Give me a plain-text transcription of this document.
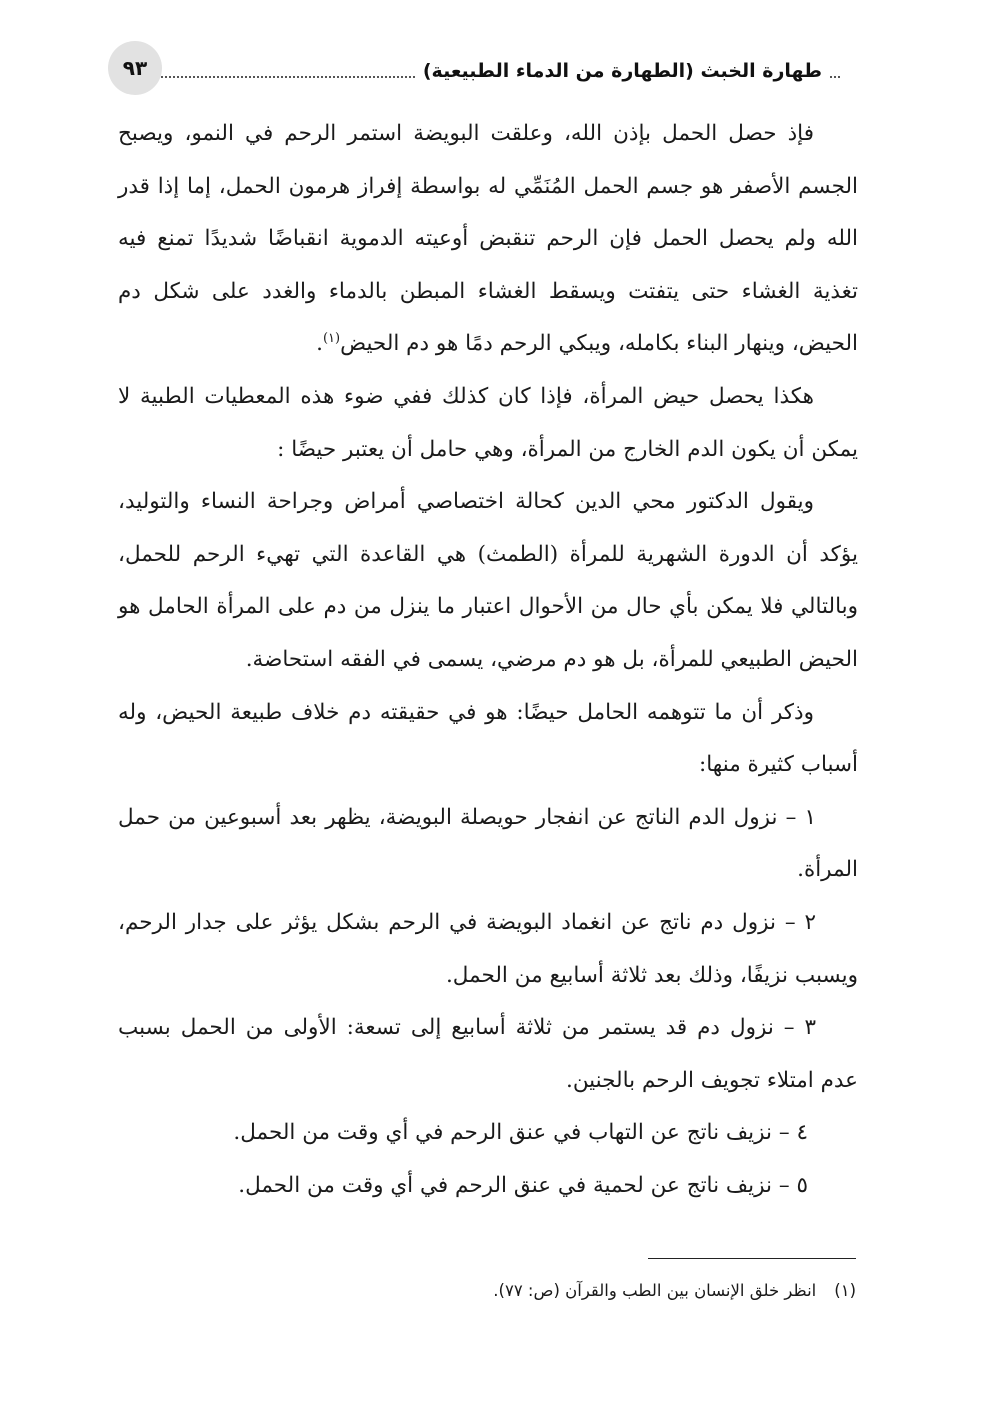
طهارة الخبث (الطهارة من الدماء الطبيعية)
٩٣

فإذ حصل الحمل بإذن الله، وعلقت البويضة استمر الرحم في النمو، ويصبح الجسم الأصفر هو جسم الحمل المُنَمِّي له بواسطة إفراز هرمون الحمل، إما إذا قدر الله ولم يحصل الحمل فإن الرحم تنقبض أوعيته الدموية انقباضًا شديدًا تمنع فيه تغذية الغشاء حتى يتفتت ويسقط الغشاء المبطن بالدماء والغدد على شكل دم الحيض، وينهار البناء بكامله، ويبكي الرحم دمًا هو دم الحيض$^{(١)}$.

هكذا يحصل حيض المرأة، فإذا كان كذلك ففي ضوء هذه المعطيات الطبية لا يمكن أن يكون الدم الخارج من المرأة، وهي حامل أن يعتبر حيضًا :

ويقول الدكتور محي الدين كحالة اختصاصي أمراض وجراحة النساء والتوليد، يؤكد أن الدورة الشهرية للمرأة (الطمث) هي القاعدة التي تهيء الرحم للحمل، وبالتالي فلا يمكن بأي حال من الأحوال اعتبار ما ينزل من دم على المرأة الحامل هو الحيض الطبيعي للمرأة، بل هو دم مرضي، يسمى في الفقه استحاضة.

وذكر أن ما تتوهمه الحامل حيضًا: هو في حقيقته دم خلاف طبيعة الحيض، وله أسباب كثيرة منها:

١ – نزول الدم الناتج عن انفجار حويصلة البويضة، يظهر بعد أسبوعين من حمل المرأة.

٢ – نزول دم ناتج عن انغماد البويضة في الرحم بشكل يؤثر على جدار الرحم، ويسبب نزيفًا، وذلك بعد ثلاثة أسابيع من الحمل.

٣ – نزول دم قد يستمر من ثلاثة أسابيع إلى تسعة: الأولى من الحمل بسبب عدم امتلاء تجويف الرحم بالجنين.

٤ – نزيف ناتج عن التهاب في عنق الرحم في أي وقت من الحمل.

٥ – نزيف ناتج عن لحمية في عنق الرحم في أي وقت من الحمل.

(١)انظر خلق الإنسان بين الطب والقرآن (ص: ٧٧).
